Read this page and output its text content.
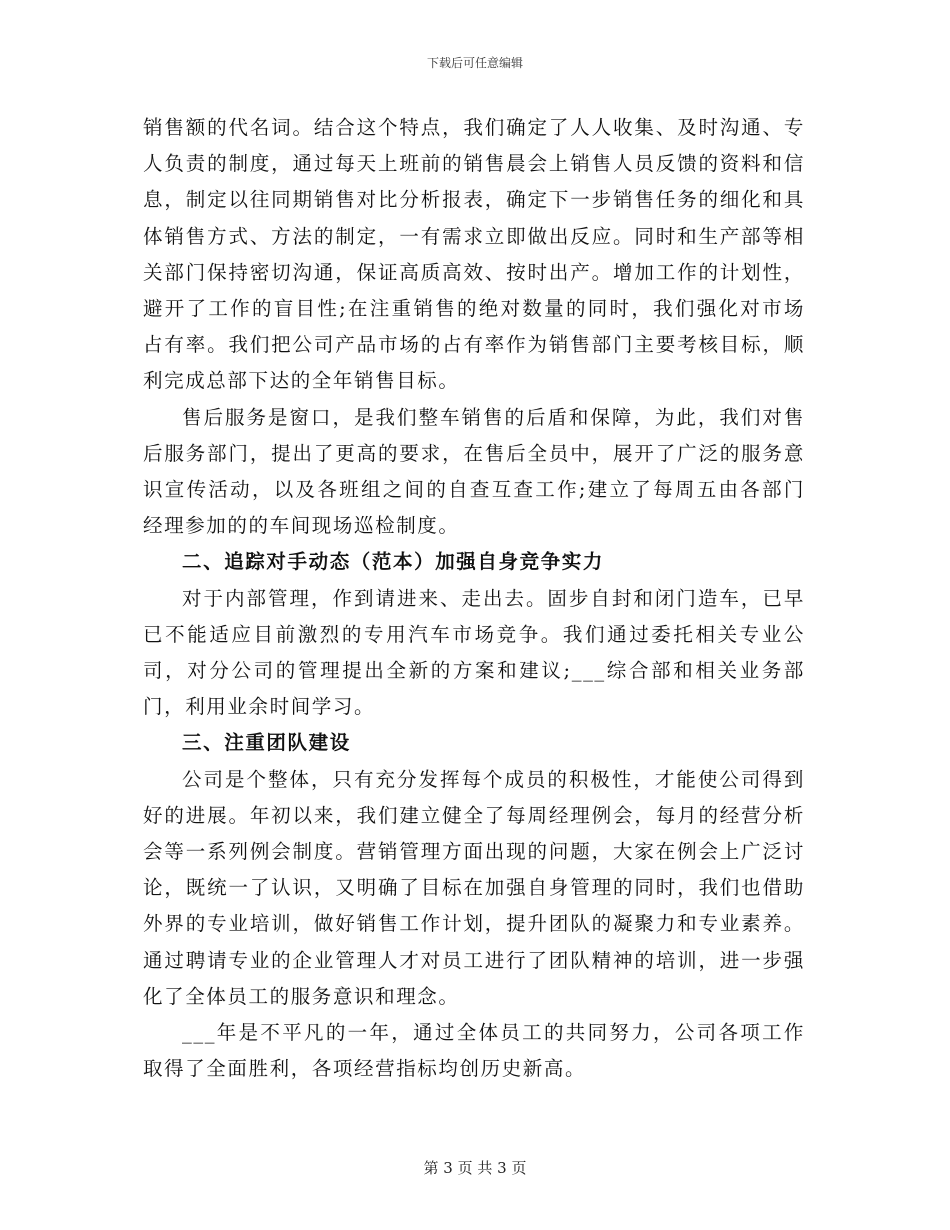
下载后可任意编辑

销售额的代名词。结合这个特点，我们确定了人人收集、及时沟通、专人负责的制度，通过每天上班前的销售晨会上销售人员反馈的资料和信息，制定以往同期销售对比分析报表，确定下一步销售任务的细化和具体销售方式、方法的制定，一有需求立即做出反应。同时和生产部等相关部门保持密切沟通，保证高质高效、按时出产。增加工作的计划性，避开了工作的盲目性;在注重销售的绝对数量的同时，我们强化对市场占有率。我们把公司产品市场的占有率作为销售部门主要考核目标，顺利完成总部下达的全年销售目标。

售后服务是窗口，是我们整车销售的后盾和保障，为此，我们对售后服务部门，提出了更高的要求，在售后全员中，展开了广泛的服务意识宣传活动，以及各班组之间的自查互查工作;建立了每周五由各部门经理参加的的车间现场巡检制度。

二、追踪对手动态（范本）加强自身竞争实力

对于内部管理，作到请进来、走出去。固步自封和闭门造车，已早已不能适应目前激烈的专用汽车市场竞争。我们通过委托相关专业公司，对分公司的管理提出全新的方案和建议;___综合部和相关业务部门，利用业余时间学习。

三、注重团队建设

公司是个整体，只有充分发挥每个成员的积极性，才能使公司得到好的进展。年初以来，我们建立健全了每周经理例会，每月的经营分析会等一系列例会制度。营销管理方面出现的问题，大家在例会上广泛讨论，既统一了认识，又明确了目标在加强自身管理的同时，我们也借助外界的专业培训，做好销售工作计划，提升团队的凝聚力和专业素养。通过聘请专业的企业管理人才对员工进行了团队精神的培训，进一步强化了全体员工的服务意识和理念。

___年是不平凡的一年，通过全体员工的共同努力，公司各项工作取得了全面胜利，各项经营指标均创历史新高。

第 3 页 共 3 页
